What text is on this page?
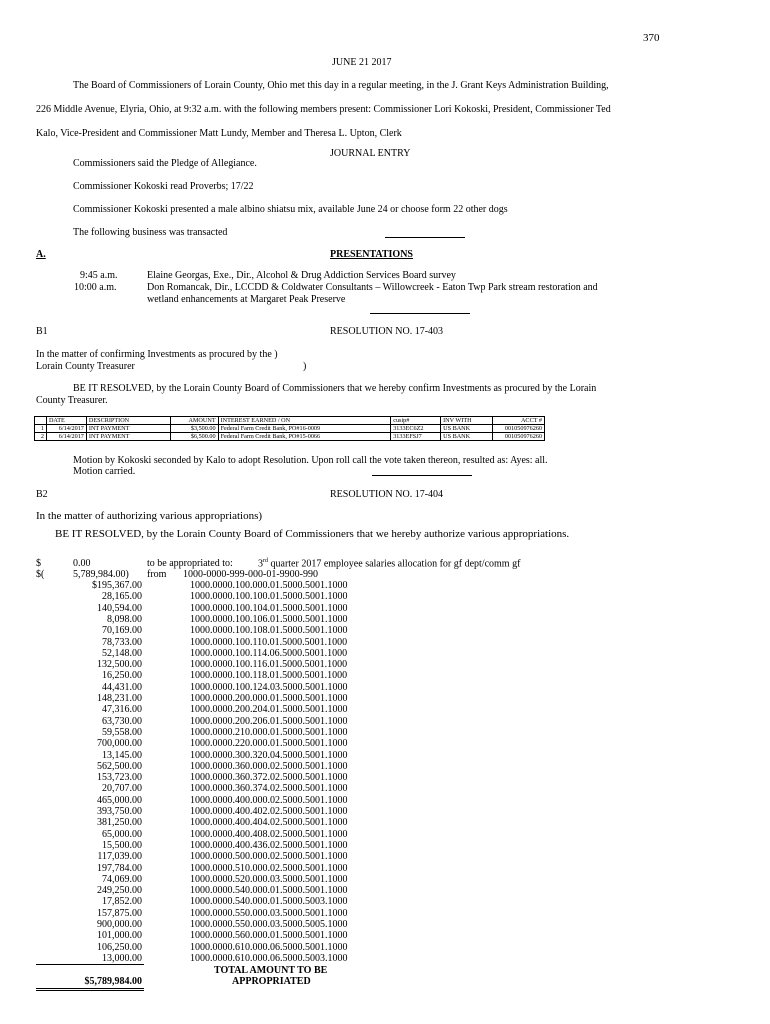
370
JUNE 21 2017
The Board of Commissioners of Lorain County, Ohio met this day in a regular meeting, in the J. Grant Keys Administration Building,
226 Middle Avenue, Elyria, Ohio, at 9:32 a.m. with the following members present: Commissioner Lori Kokoski, President, Commissioner Ted
Kalo, Vice-President and Commissioner Matt Lundy, Member and Theresa L. Upton, Clerk
JOURNAL ENTRY
Commissioners said the Pledge of Allegiance.
Commissioner Kokoski read Proverbs; 17/22
Commissioner Kokoski presented a male albino shiatsu mix, available June 24 or choose form 22 other dogs
The following business was transacted
A.	PRESENTATIONS
9:45 a.m.	Elaine Georgas, Exe., Dir., Alcohol & Drug Addiction Services Board survey
10:00 a.m.	Don Romancak, Dir., LCCDD & Coldwater Consultants – Willowcreek - Eaton Twp Park stream restoration and
wetland enhancements at Margaret Peak Preserve
B1	RESOLUTION NO. 17-403
In the matter of confirming Investments as procured by the )
Lorain County Treasurer	)
BE IT RESOLVED, by the Lorain County Board of Commissioners that we hereby confirm Investments as procured by the Lorain
County Treasurer.
	DATE	DESCRIPTION	AMOUNT	INTEREST EARNED / ON	cusip#	INV WITH	ACCT #
1	6/14/2017	INT PAYMENT	$3,500.00	Federal Farm Credit Bank, PO#16-0009	3133EC6Z2	US BANK	001050976260
2	6/14/2017	INT PAYMENT	$6,500.00	Federal Farm Credit Bank, PO#15-0066	3133EFSJ7	US BANK	001050976260
Motion by Kokoski seconded by Kalo to adopt Resolution. Upon roll call the vote taken thereon, resulted as: Ayes: all.
Motion carried.
B2	RESOLUTION NO. 17-404
In the matter of authorizing various appropriations)
BE IT RESOLVED, by the Lorain County Board of Commissioners that we hereby authorize various appropriations.
$	0.00	to be appropriated to:	3rd quarter 2017 employee salaries allocation for gf dept/comm gf
$(	5,789,984.00) from 1000-0000-999-000-01-9900-990
$195,367.00	1000.0000.100.000.01.5000.5001.1000
28,165.00	1000.0000.100.100.01.5000.5001.1000
140,594.00	1000.0000.100.104.01.5000.5001.1000
8,098.00	1000.0000.100.106.01.5000.5001.1000
70,169.00	1000.0000.100.108.01.5000.5001.1000
78,733.00	1000.0000.100.110.01.5000.5001.1000
52,148.00	1000.0000.100.114.06.5000.5001.1000
132,500.00	1000.0000.100.116.01.5000.5001.1000
16,250.00	1000.0000.100.118.01.5000.5001.1000
44,431.00	1000.0000.100.124.03.5000.5001.1000
148,231.00	1000.0000.200.000.01.5000.5001.1000
47,316.00	1000.0000.200.204.01.5000.5001.1000
63,730.00	1000.0000.200.206.01.5000.5001.1000
59,558.00	1000.0000.210.000.01.5000.5001.1000
700,000.00	1000.0000.220.000.01.5000.5001.1000
13,145.00	1000.0000.300.320.04.5000.5001.1000
562,500.00	1000.0000.360.000.02.5000.5001.1000
153,723.00	1000.0000.360.372.02.5000.5001.1000
20,707.00	1000.0000.360.374.02.5000.5001.1000
465,000.00	1000.0000.400.000.02.5000.5001.1000
393,750.00	1000.0000.400.402.02.5000.5001.1000
381,250.00	1000.0000.400.404.02.5000.5001.1000
65,000.00	1000.0000.400.408.02.5000.5001.1000
15,500.00	1000.0000.400.436.02.5000.5001.1000
117,039.00	1000.0000.500.000.02.5000.5001.1000
197,784.00	1000.0000.510.000.02.5000.5001.1000
74,069.00	1000.0000.520.000.03.5000.5001.1000
249,250.00	1000.0000.540.000.01.5000.5001.1000
17,852.00	1000.0000.540.000.01.5000.5003.1000
157,875.00	1000.0000.550.000.03.5000.5001.1000
900,000.00	1000.0000.550.000.03.5000.5005.1000
101,000.00	1000.0000.560.000.01.5000.5001.1000
106,250.00	1000.0000.610.000.06.5000.5001.1000
13,000.00	1000.0000.610.000.06.5000.5003.1000
TOTAL AMOUNT TO BE
APPROPRIATED
$5,789,984.00
